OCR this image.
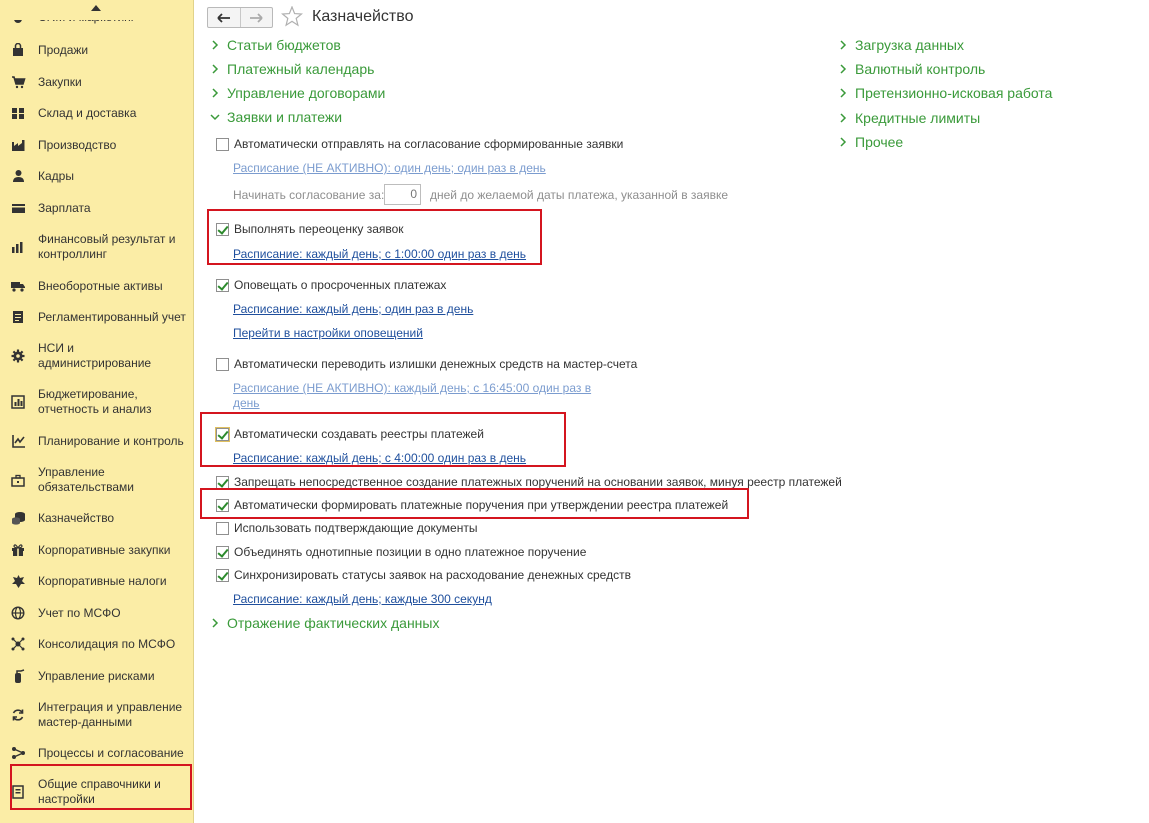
Продажи
Закупки
Склад и доставка
Производство
Кадры
Зарплата
Финансовый результат и контроллинг
Внеоборотные активы
Регламентированный учет
НСИ и администрирование
Бюджетирование, отчетность и анализ
Планирование и контроль
Управление обязательствами
Казначейство
Корпоративные закупки
Корпоративные налоги
Учет по МСФО
Консолидация по МСФО
Управление рисками
Интеграция и управление мастер-данными
Процессы и согласование
Общие справочники и настройки
Казначейство
Статьи бюджетов
Платежный календарь
Управление договорами
Заявки и платежи
Загрузка данных
Валютный контроль
Претензионно-исковая работа
Кредитные лимиты
Прочее
Автоматически отправлять на согласование сформированные заявки
Расписание (НЕ АКТИВНО): один день; один раз в день
Начинать согласование за:	0	дней до желаемой даты платежа, указанной в заявке
Выполнять переоценку заявок
Расписание: каждый день; с 1:00:00 один раз в день
Оповещать о просроченных платежах
Расписание: каждый день; один раз в день
Перейти в настройки оповещений
Автоматически переводить излишки денежных средств на мастер-счета
Расписание (НЕ АКТИВНО): каждый день; с 16:45:00 один раз в
день
Автоматически создавать реестры платежей
Расписание: каждый день; с 4:00:00 один раз в день
Запрещать непосредственное создание платежных поручений на основании заявок, минуя реестр платежей
Автоматически формировать платежные поручения при утверждении реестра платежей
Использовать подтверждающие документы
Объединять однотипные позиции в одно платежное поручение
Синхронизировать статусы заявок на расходование денежных средств
Расписание: каждый день; каждые 300 секунд
Отражение фактических данных
